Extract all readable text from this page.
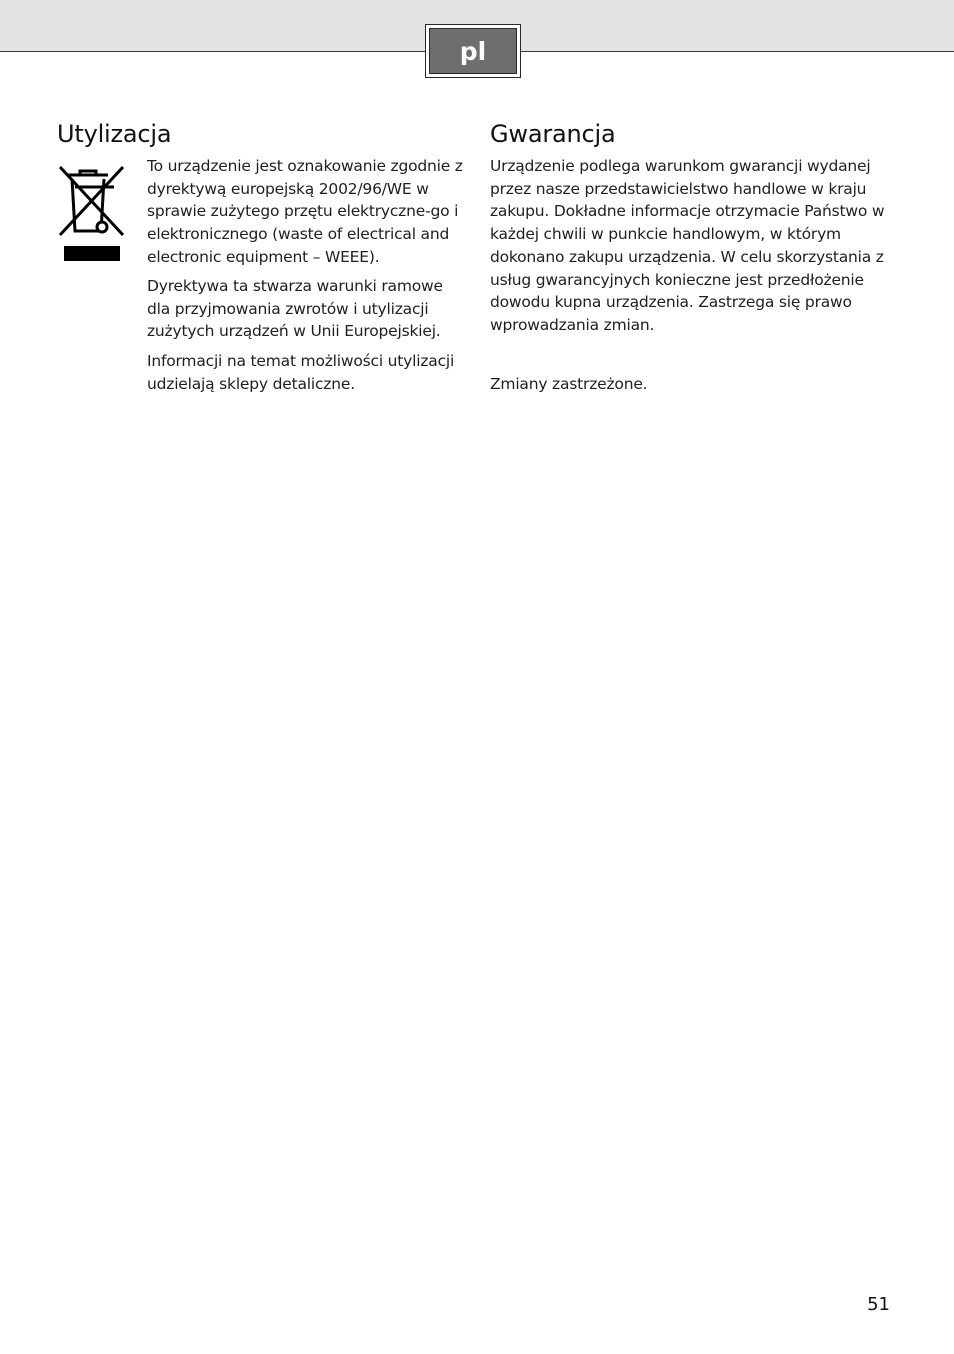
pl
Utylizacja

To urządzenie jest oznakowanie zgodnie z dyrektywą europejską 2002/96/WE w sprawie zużytego przętu elektryczne-go i elektronicznego (waste of electrical and electronic equipment – WEEE).

Dyrektywa ta stwarza warunki ramowe dla przyjmowania zwrotów i utylizacji zużytych urządzeń w Unii Europejskiej.

Informacji na temat możliwości utylizacji udzielają sklepy detaliczne.

Gwarancja

Urządzenie podlega warunkom gwarancji wydanej przez nasze przedstawicielstwo handlowe w kraju zakupu. Dokładne informacje otrzymacie Państwo w każdej chwili w punkcie handlowym, w którym dokonano zakupu urządzenia. W celu skorzystania z usług gwarancyjnych konieczne jest przedłożenie dowodu kupna urządzenia. Zastrzega się prawo wprowadzania zmian.

Zmiany zastrzeżone.

51
